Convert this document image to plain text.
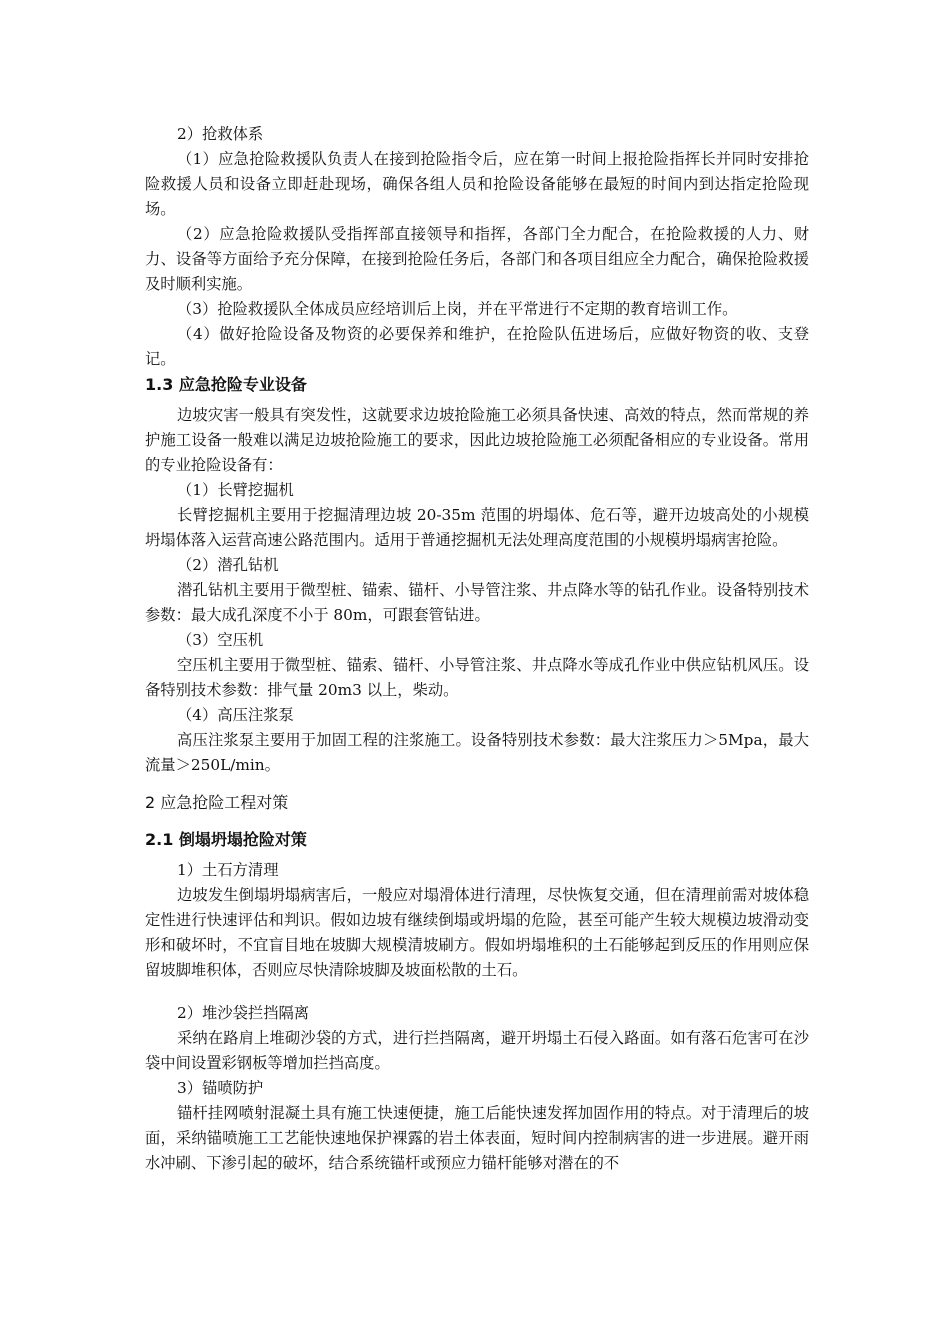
2）抢救体系

（1）应急抢险救援队负责人在接到抢险指令后，应在第一时间上报抢险指挥长并同时安排抢险救援人员和设备立即赶赴现场，确保各组人员和抢险设备能够在最短的时间内到达指定抢险现场。

（2）应急抢险救援队受指挥部直接领导和指挥，各部门全力配合，在抢险救援的人力、财力、设备等方面给予充分保障，在接到抢险任务后，各部门和各项目组应全力配合，确保抢险救援及时顺利实施。

（3）抢险救援队全体成员应经培训后上岗，并在平常进行不定期的教育培训工作。

（4）做好抢险设备及物资的必要保养和维护，在抢险队伍进场后，应做好物资的收、支登记。

1.3 应急抢险专业设备

边坡灾害一般具有突发性，这就要求边坡抢险施工必须具备快速、高效的特点，然而常规的养护施工设备一般难以满足边坡抢险施工的要求，因此边坡抢险施工必须配备相应的专业设备。常用的专业抢险设备有：

（1）长臂挖掘机

长臂挖掘机主要用于挖掘清理边坡 20-35m 范围的坍塌体、危石等，避开边坡高处的小规模坍塌体落入运营高速公路范围内。适用于普通挖掘机无法处理高度范围的小规模坍塌病害抢险。

（2）潜孔钻机

潜孔钻机主要用于微型桩、锚索、锚杆、小导管注浆、井点降水等的钻孔作业。设备特别技术参数：最大成孔深度不小于 80m，可跟套管钻进。

（3）空压机

空压机主要用于微型桩、锚索、锚杆、小导管注浆、井点降水等成孔作业中供应钻机风压。设备特别技术参数：排气量 20m3 以上，柴动。

（4）高压注浆泵

高压注浆泵主要用于加固工程的注浆施工。设备特别技术参数：最大注浆压力＞5Mpa，最大流量＞250L/min。

2 应急抢险工程对策
2.1 倒塌坍塌抢险对策

1）土石方清理

边坡发生倒塌坍塌病害后，一般应对塌滑体进行清理，尽快恢复交通，但在清理前需对坡体稳定性进行快速评估和判识。假如边坡有继续倒塌或坍塌的危险，甚至可能产生较大规模边坡滑动变形和破坏时，不宜盲目地在坡脚大规模清坡刷方。假如坍塌堆积的土石能够起到反压的作用则应保留坡脚堆积体，否则应尽快清除坡脚及坡面松散的土石。

2）堆沙袋拦挡隔离

采纳在路肩上堆砌沙袋的方式，进行拦挡隔离，避开坍塌土石侵入路面。如有落石危害可在沙袋中间设置彩钢板等增加拦挡高度。

3）锚喷防护

锚杆挂网喷射混凝土具有施工快速便捷，施工后能快速发挥加固作用的特点。对于清理后的坡面，采纳锚喷施工工艺能快速地保护裸露的岩土体表面，短时间内控制病害的进一步进展。避开雨水冲刷、下渗引起的破坏，结合系统锚杆或预应力锚杆能够对潜在的不
